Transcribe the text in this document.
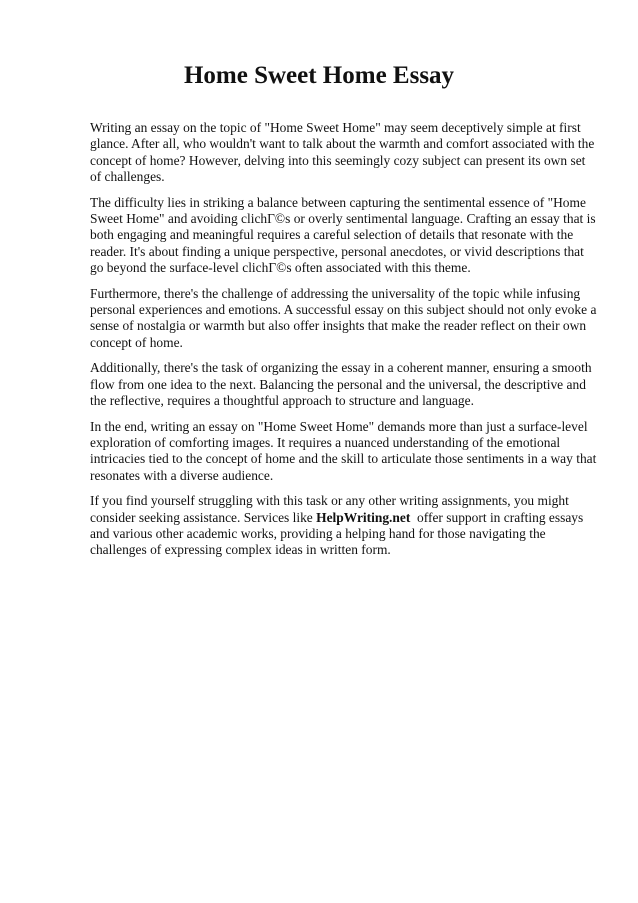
Home Sweet Home Essay

Writing an essay on the topic of "Home Sweet Home" may seem deceptively simple at first glance. After all, who wouldn't want to talk about the warmth and comfort associated with the concept of home? However, delving into this seemingly cozy subject can present its own set of challenges.

The difficulty lies in striking a balance between capturing the sentimental essence of "Home Sweet Home" and avoiding clichГ©s or overly sentimental language. Crafting an essay that is both engaging and meaningful requires a careful selection of details that resonate with the reader. It's about finding a unique perspective, personal anecdotes, or vivid descriptions that go beyond the surface-level clichГ©s often associated with this theme.

Furthermore, there's the challenge of addressing the universality of the topic while infusing personal experiences and emotions. A successful essay on this subject should not only evoke a sense of nostalgia or warmth but also offer insights that make the reader reflect on their own concept of home.

Additionally, there's the task of organizing the essay in a coherent manner, ensuring a smooth flow from one idea to the next. Balancing the personal and the universal, the descriptive and the reflective, requires a thoughtful approach to structure and language.

In the end, writing an essay on "Home Sweet Home" demands more than just a surface-level exploration of comforting images. It requires a nuanced understanding of the emotional intricacies tied to the concept of home and the skill to articulate those sentiments in a way that resonates with a diverse audience.

If you find yourself struggling with this task or any other writing assignments, you might consider seeking assistance. Services like HelpWriting.net  offer support in crafting essays and various other academic works, providing a helping hand for those navigating the challenges of expressing complex ideas in written form.
